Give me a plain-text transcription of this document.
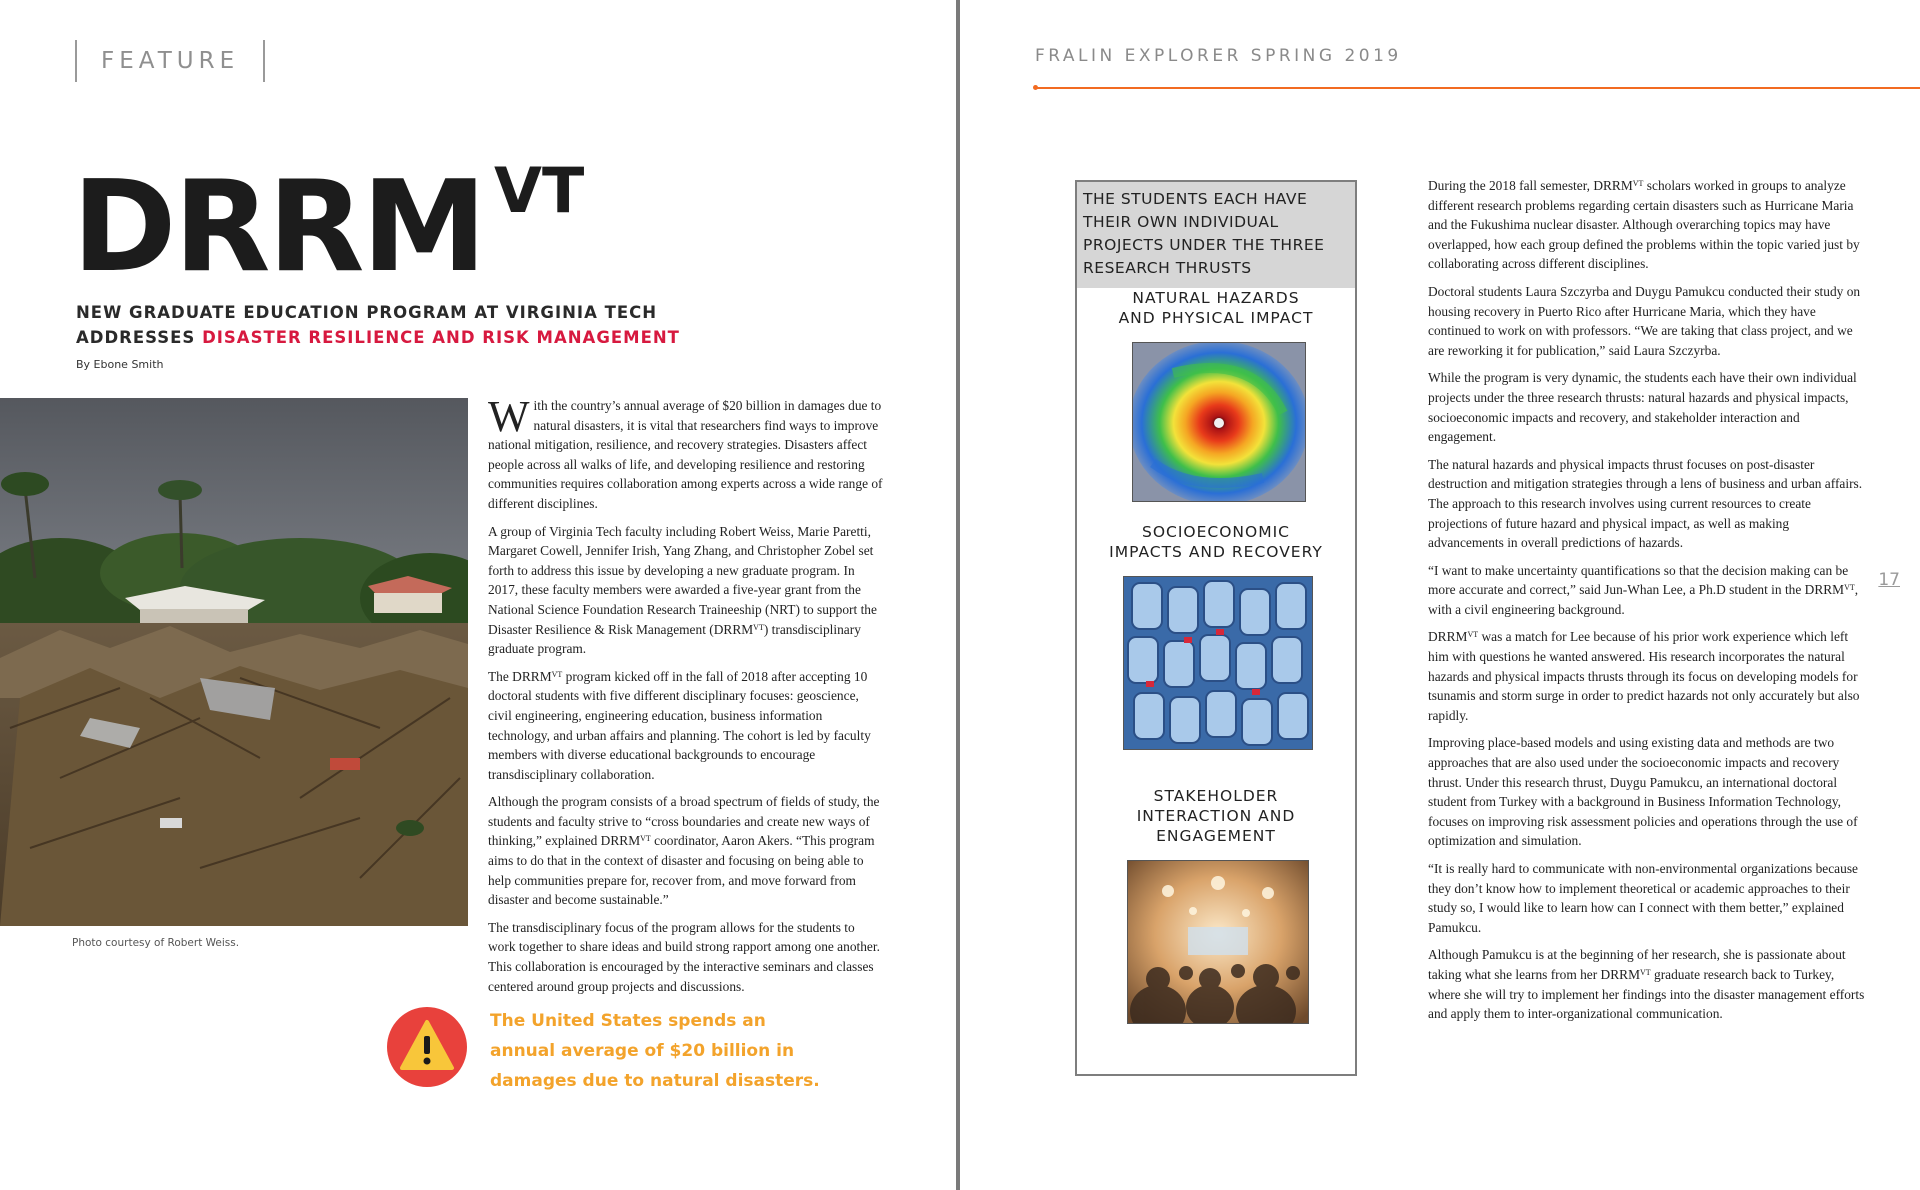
FEATURE
DRRM $^{VT}$
NEW GRADUATE EDUCATION PROGRAM AT VIRGINIA TECH
ADDRESSES DISASTER RESILIENCE AND RISK MANAGEMENT
By Ebone Smith
Photo courtesy of Robert Weiss.

With the country’s annual average of $20 billion in damages due to natural disasters, it is vital that researchers find ways to improve national mitigation, resilience, and recovery strategies. Disasters affect people across all walks of life, and developing resilience and restoring communities requires collaboration among experts across a wide range of different disciplines.

A group of Virginia Tech faculty including Robert Weiss, Marie Paretti, Margaret Cowell, Jennifer Irish, Yang Zhang, and Christopher Zobel set forth to address this issue by developing a new graduate program. In 2017, these faculty members were awarded a five-year grant from the National Science Foundation Research Traineeship (NRT) to support the Disaster Resilience & Risk Management $(DRRM^{VT})$ transdisciplinary graduate program.

The $DRRM^{VT}$ program kicked off in the fall of 2018 after accepting 10 doctoral students with five different disciplinary focuses: geoscience, civil engineering, engineering education, business information technology, and urban affairs and planning. The cohort is led by faculty members with diverse educational backgrounds to encourage transdisciplinary collaboration.

Although the program consists of a broad spectrum of fields of study, the students and faculty strive to “cross boundaries and create new ways of thinking,” explained $DRRM^{VT}$ coordinator, Aaron Akers. “This program aims to do that in the context of disaster and focusing on being able to help communities prepare for, recover from, and move forward from disaster and become sustainable.”

The transdisciplinary focus of the program allows for the students to work together to share ideas and build strong rapport among one another. This collaboration is encouraged by the interactive seminars and classes centered around group projects and discussions.

The United States spends an annual average of $20 billion in damages due to natural disasters.
FRALIN EXPLORER SPRING 2019
17
THE STUDENTS EACH HAVE THEIR OWN INDIVIDUAL PROJECTS UNDER THE THREE RESEARCH THRUSTS
NATURAL HAZARDS
AND PHYSICAL IMPACT
SOCIOECONOMIC
IMPACTS AND RECOVERY
STAKEHOLDER
INTERACTION AND
ENGAGEMENT

During the 2018 fall semester, $DRRM^{VT}$ scholars worked in groups to analyze different research problems regarding certain disasters such as Hurricane Maria and the Fukushima nuclear disaster. Although overarching topics may have overlapped, how each group defined the problems within the topic varied just by collaborating across different disciplines.

Doctoral students Laura Szczyrba and Duygu Pamukcu conducted their study on housing recovery in Puerto Rico after Hurricane Maria, which they have continued to work on with professors. “We are taking that class project, and we are reworking it for publication,” said Laura Szczyrba.

While the program is very dynamic, the students each have their own individual projects under the three research thrusts: natural hazards and physical impacts, socioeconomic impacts and recovery, and stakeholder interaction and engagement.

The natural hazards and physical impacts thrust focuses on post-disaster destruction and mitigation strategies through a lens of business and urban affairs. The approach to this research involves using current resources to create projections of future hazard and physical impact, as well as making advancements in overall predictions of hazards.

“I want to make uncertainty quantifications so that the decision making can be more accurate and correct,” said Jun-Whan Lee, a Ph.D student in the $DRRM^{VT}$, with a civil engineering background.

$DRRM^{VT}$ was a match for Lee because of his prior work experience which left him with questions he wanted answered. His research incorporates the natural hazards and physical impacts thrusts through its focus on developing models for tsunamis and storm surge in order to predict hazards not only accurately but also rapidly.

Improving place-based models and using existing data and methods are two approaches that are also used under the socioeconomic impacts and recovery thrust. Under this research thrust, Duygu Pamukcu, an international doctoral student from Turkey with a background in Business Information Technology, focuses on improving risk assessment policies and operations through the use of optimization and simulation.

“It is really hard to communicate with non-environmental organizations because they don’t know how to implement theoretical or academic approaches to their study so, I would like to learn how can I connect with them better,” explained Pamukcu.

Although Pamukcu is at the beginning of her research, she is passionate about taking what she learns from her $DRRM^{VT}$ graduate research back to Turkey, where she will try to implement her findings into the disaster management efforts and apply them to inter-organizational communication.
